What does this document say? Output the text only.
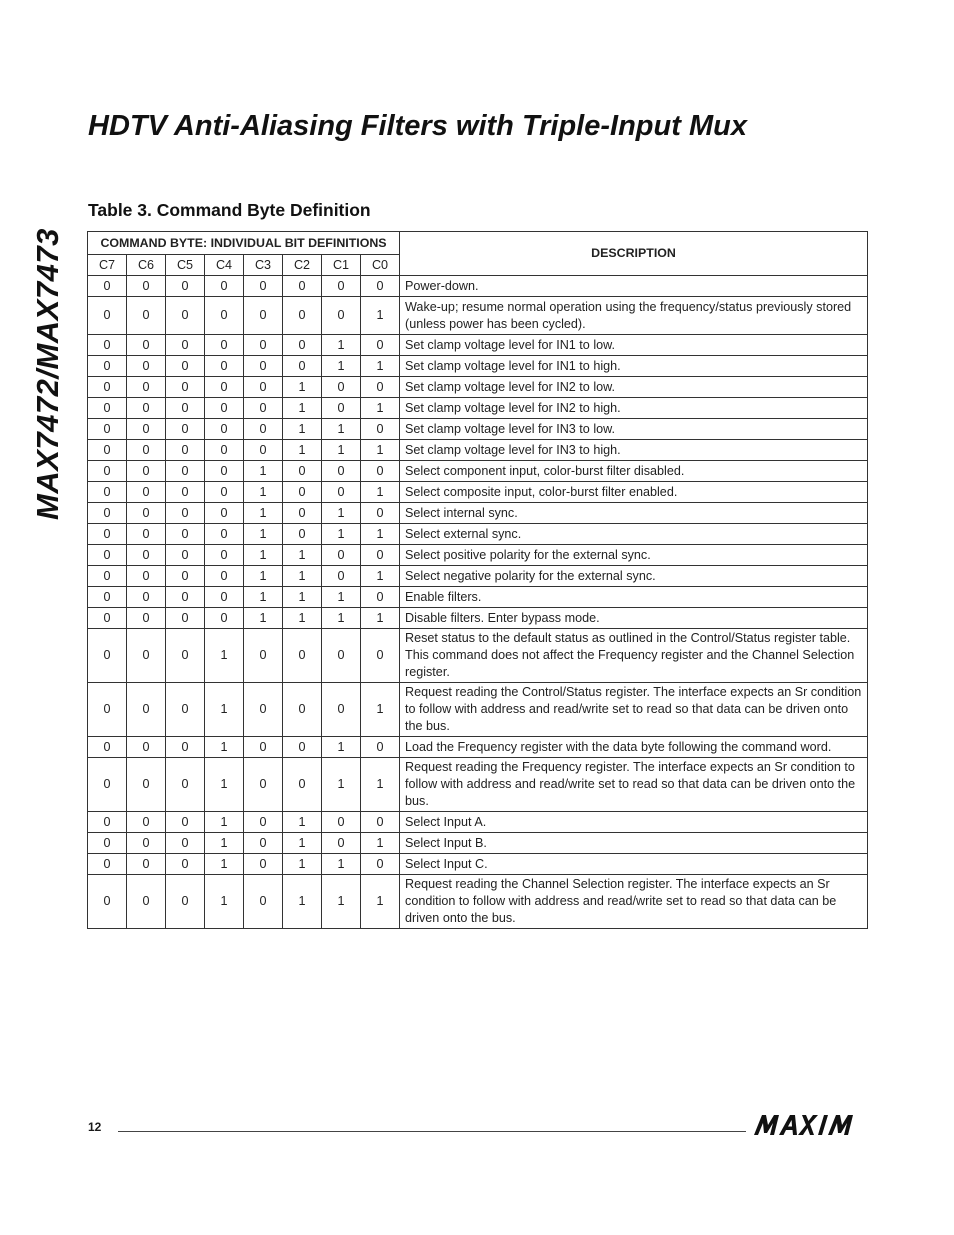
MAX7472/MAX7473
HDTV Anti-Aliasing Filters with Triple-Input Mux
Table 3. Command Byte Definition
COMMAND BYTE: INDIVIDUAL BIT DEFINITIONS								DESCRIPTION
C7	C6	C5	C4	C3	C2	C1	C0	
0	0	0	0	0	0	0	0	Power-down.
0	0	0	0	0	0	0	1	Wake-up; resume normal operation using the frequency/status previously stored (unless power has been cycled).
0	0	0	0	0	0	1	0	Set clamp voltage level for IN1 to low.
0	0	0	0	0	0	1	1	Set clamp voltage level for IN1 to high.
0	0	0	0	0	1	0	0	Set clamp voltage level for IN2 to low.
0	0	0	0	0	1	0	1	Set clamp voltage level for IN2 to high.
0	0	0	0	0	1	1	0	Set clamp voltage level for IN3 to low.
0	0	0	0	0	1	1	1	Set clamp voltage level for IN3 to high.
0	0	0	0	1	0	0	0	Select component input, color-burst filter disabled.
0	0	0	0	1	0	0	1	Select composite input, color-burst filter enabled.
0	0	0	0	1	0	1	0	Select internal sync.
0	0	0	0	1	0	1	1	Select external sync.
0	0	0	0	1	1	0	0	Select positive polarity for the external sync.
0	0	0	0	1	1	0	1	Select negative polarity for the external sync.
0	0	0	0	1	1	1	0	Enable filters.
0	0	0	0	1	1	1	1	Disable filters. Enter bypass mode.
0	0	0	1	0	0	0	0	Reset status to the default status as outlined in the Control/Status register table. This command does not affect the Frequency register and the Channel Selection register.
0	0	0	1	0	0	0	1	Request reading the Control/Status register. The interface expects an Sr condition to follow with address and read/write set to read so that data can be driven onto the bus.
0	0	0	1	0	0	1	0	Load the Frequency register with the data byte following the command word.
0	0	0	1	0	0	1	1	Request reading the Frequency register. The interface expects an Sr condition to follow with address and read/write set to read so that data can be driven onto the bus.
0	0	0	1	0	1	0	0	Select Input A.
0	0	0	1	0	1	0	1	Select Input B.
0	0	0	1	0	1	1	0	Select Input C.
0	0	0	1	0	1	1	1	Request reading the Channel Selection register. The interface expects an Sr condition to follow with address and read/write set to read so that data can be driven onto the bus.
12
